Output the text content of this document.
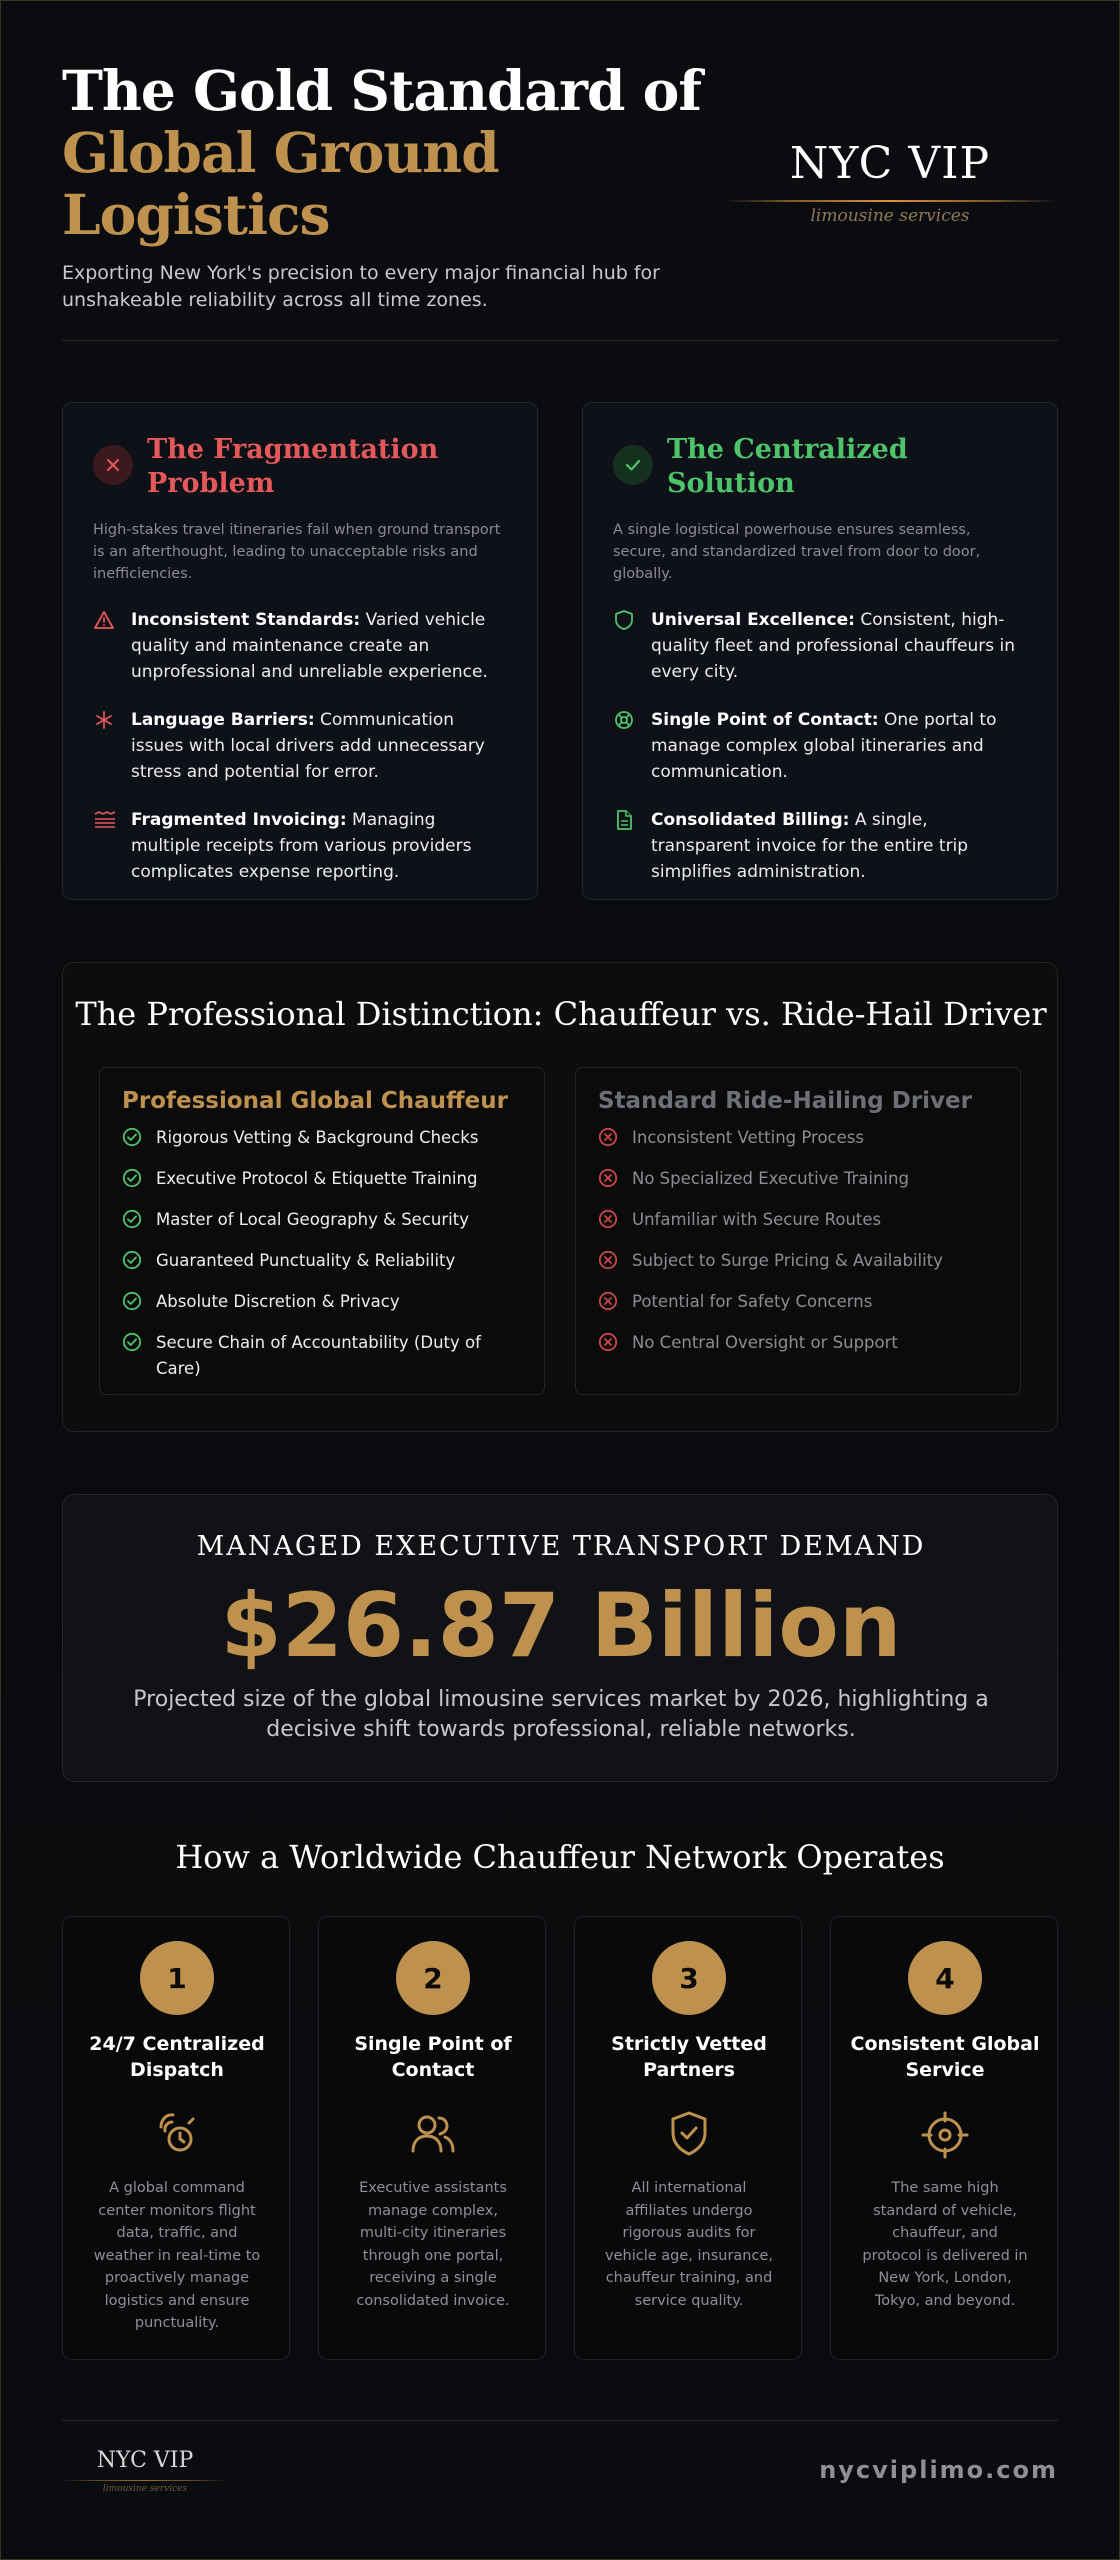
The Gold Standard of
Global Ground
Logistics

Exporting New York's precision to every major financial hub for unshakeable reliability across all time zones.

NYC VIP
limousine services
The Fragmentation Problem

High-stakes travel itineraries fail when ground transport is an afterthought, leading to unacceptable risks and inefficiencies.

Inconsistent Standards: Varied vehicle quality and maintenance create an unprofessional and unreliable experience.
Language Barriers: Communication issues with local drivers add unnecessary stress and potential for error.
Fragmented Invoicing: Managing multiple receipts from various providers complicates expense reporting.
The Centralized Solution

A single logistical powerhouse ensures seamless, secure, and standardized travel from door to door, globally.

Universal Excellence: Consistent, high-quality fleet and professional chauffeurs in every city.
Single Point of Contact: One portal to manage complex global itineraries and communication.
Consolidated Billing: A single, transparent invoice for the entire trip simplifies administration.
The Professional Distinction: Chauffeur vs. Ride-Hail Driver
Professional Global Chauffeur
Rigorous Vetting & Background Checks
Executive Protocol & Etiquette Training
Master of Local Geography & Security
Guaranteed Punctuality & Reliability
Absolute Discretion & Privacy
Secure Chain of Accountability (Duty of Care)
Standard Ride-Hailing Driver
Inconsistent Vetting Process
No Specialized Executive Training
Unfamiliar with Secure Routes
Subject to Surge Pricing & Availability
Potential for Safety Concerns
No Central Oversight or Support
MANAGED EXECUTIVE TRANSPORT DEMAND
$26.87 Billion
Projected size of the global limousine services market by 2026, highlighting a decisive shift towards professional, reliable networks.
How a Worldwide Chauffeur Network Operates
1
24/7 Centralized Dispatch

A global command center monitors flight data, traffic, and weather in real-time to proactively manage logistics and ensure punctuality.

2
Single Point of Contact

Executive assistants manage complex, multi-city itineraries through one portal, receiving a single consolidated invoice.

3
Strictly Vetted Partners

All international affiliates undergo rigorous audits for vehicle age, insurance, chauffeur training, and service quality.

4
Consistent Global Service

The same high standard of vehicle, chauffeur, and protocol is delivered in New York, London, Tokyo, and beyond.

NYC VIP
limousine services
nycviplimo.com
